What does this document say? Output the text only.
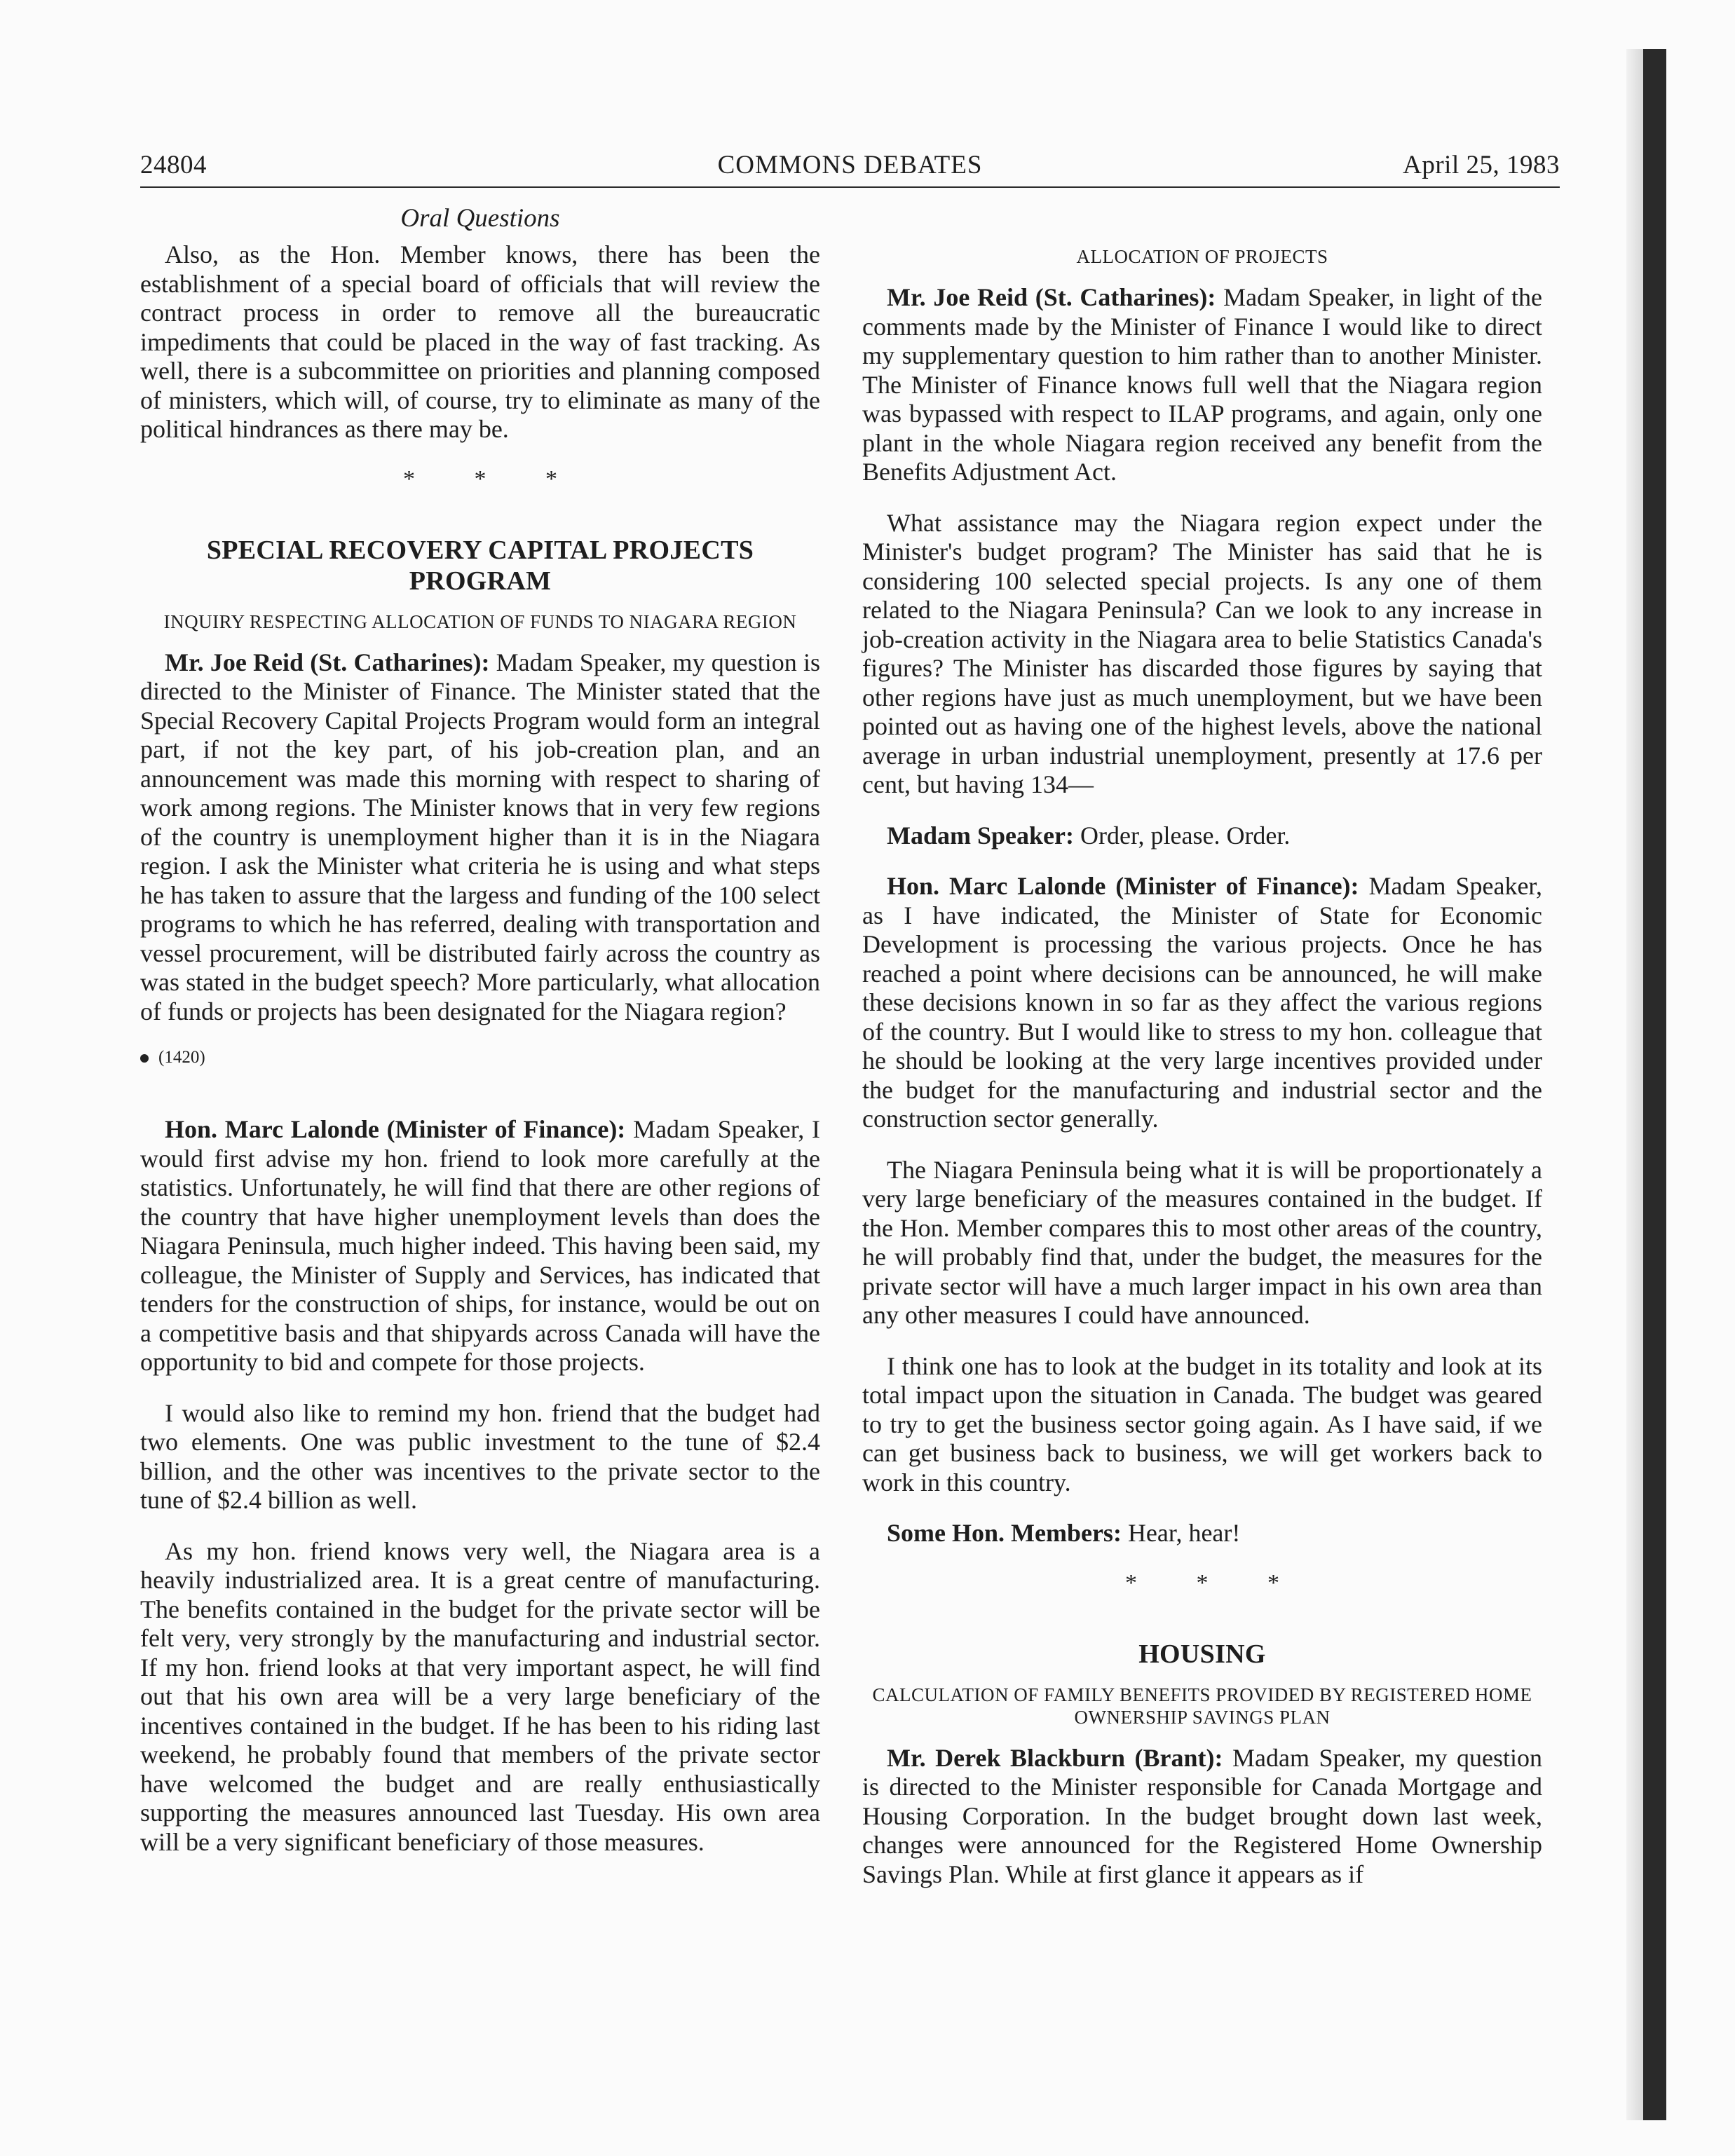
24804	COMMONS DEBATES	April 25, 1983
Oral Questions

Also, as the Hon. Member knows, there has been the establishment of a special board of officials that will review the contract process in order to remove all the bureaucratic impediments that could be placed in the way of fast tracking. As well, there is a subcommittee on priorities and planning composed of ministers, which will, of course, try to eliminate as many of the political hindrances as there may be.

* * *
SPECIAL RECOVERY CAPITAL PROJECTS PROGRAM
INQUIRY RESPECTING ALLOCATION OF FUNDS TO NIAGARA REGION

Mr. Joe Reid (St. Catharines): Madam Speaker, my question is directed to the Minister of Finance. The Minister stated that the Special Recovery Capital Projects Program would form an integral part, if not the key part, of his job-creation plan, and an announcement was made this morning with respect to sharing of work among regions. The Minister knows that in very few regions of the country is unemployment higher than it is in the Niagara region. I ask the Minister what criteria he is using and what steps he has taken to assure that the largess and funding of the 100 select programs to which he has referred, dealing with transportation and vessel procurement, will be distributed fairly across the country as was stated in the budget speech? More particularly, what allocation of funds or projects has been designated for the Niagara region?

(1420)

Hon. Marc Lalonde (Minister of Finance): Madam Speaker, I would first advise my hon. friend to look more carefully at the statistics. Unfortunately, he will find that there are other regions of the country that have higher unemployment levels than does the Niagara Peninsula, much higher indeed. This having been said, my colleague, the Minister of Supply and Services, has indicated that tenders for the construction of ships, for instance, would be out on a competitive basis and that shipyards across Canada will have the opportunity to bid and compete for those projects.

I would also like to remind my hon. friend that the budget had two elements. One was public investment to the tune of $2.4 billion, and the other was incentives to the private sector to the tune of $2.4 billion as well.

As my hon. friend knows very well, the Niagara area is a heavily industrialized area. It is a great centre of manufacturing. The benefits contained in the budget for the private sector will be felt very, very strongly by the manufacturing and industrial sector. If my hon. friend looks at that very important aspect, he will find out that his own area will be a very large beneficiary of the incentives contained in the budget. If he has been to his riding last weekend, he probably found that members of the private sector have welcomed the budget and are really enthusiastically supporting the measures announced last Tuesday. His own area will be a very significant beneficiary of those measures.

ALLOCATION OF PROJECTS

Mr. Joe Reid (St. Catharines): Madam Speaker, in light of the comments made by the Minister of Finance I would like to direct my supplementary question to him rather than to another Minister. The Minister of Finance knows full well that the Niagara region was bypassed with respect to ILAP programs, and again, only one plant in the whole Niagara region received any benefit from the Benefits Adjustment Act.

What assistance may the Niagara region expect under the Minister's budget program? The Minister has said that he is considering 100 selected special projects. Is any one of them related to the Niagara Peninsula? Can we look to any increase in job-creation activity in the Niagara area to belie Statistics Canada's figures? The Minister has discarded those figures by saying that other regions have just as much unemployment, but we have been pointed out as having one of the highest levels, above the national average in urban industrial unemployment, presently at 17.6 per cent, but having 134—

Madam Speaker: Order, please. Order.

Hon. Marc Lalonde (Minister of Finance): Madam Speaker, as I have indicated, the Minister of State for Economic Development is processing the various projects. Once he has reached a point where decisions can be announced, he will make these decisions known in so far as they affect the various regions of the country. But I would like to stress to my hon. colleague that he should be looking at the very large incentives provided under the budget for the manufacturing and industrial sector and the construction sector generally.

The Niagara Peninsula being what it is will be proportionately a very large beneficiary of the measures contained in the budget. If the Hon. Member compares this to most other areas of the country, he will probably find that, under the budget, the measures for the private sector will have a much larger impact in his own area than any other measures I could have announced.

I think one has to look at the budget in its totality and look at its total impact upon the situation in Canada. The budget was geared to try to get the business sector going again. As I have said, if we can get business back to business, we will get workers back to work in this country.

Some Hon. Members: Hear, hear!

* * *
HOUSING
CALCULATION OF FAMILY BENEFITS PROVIDED BY REGISTERED HOME OWNERSHIP SAVINGS PLAN

Mr. Derek Blackburn (Brant): Madam Speaker, my question is directed to the Minister responsible for Canada Mortgage and Housing Corporation. In the budget brought down last week, changes were announced for the Registered Home Ownership Savings Plan. While at first glance it appears as if
